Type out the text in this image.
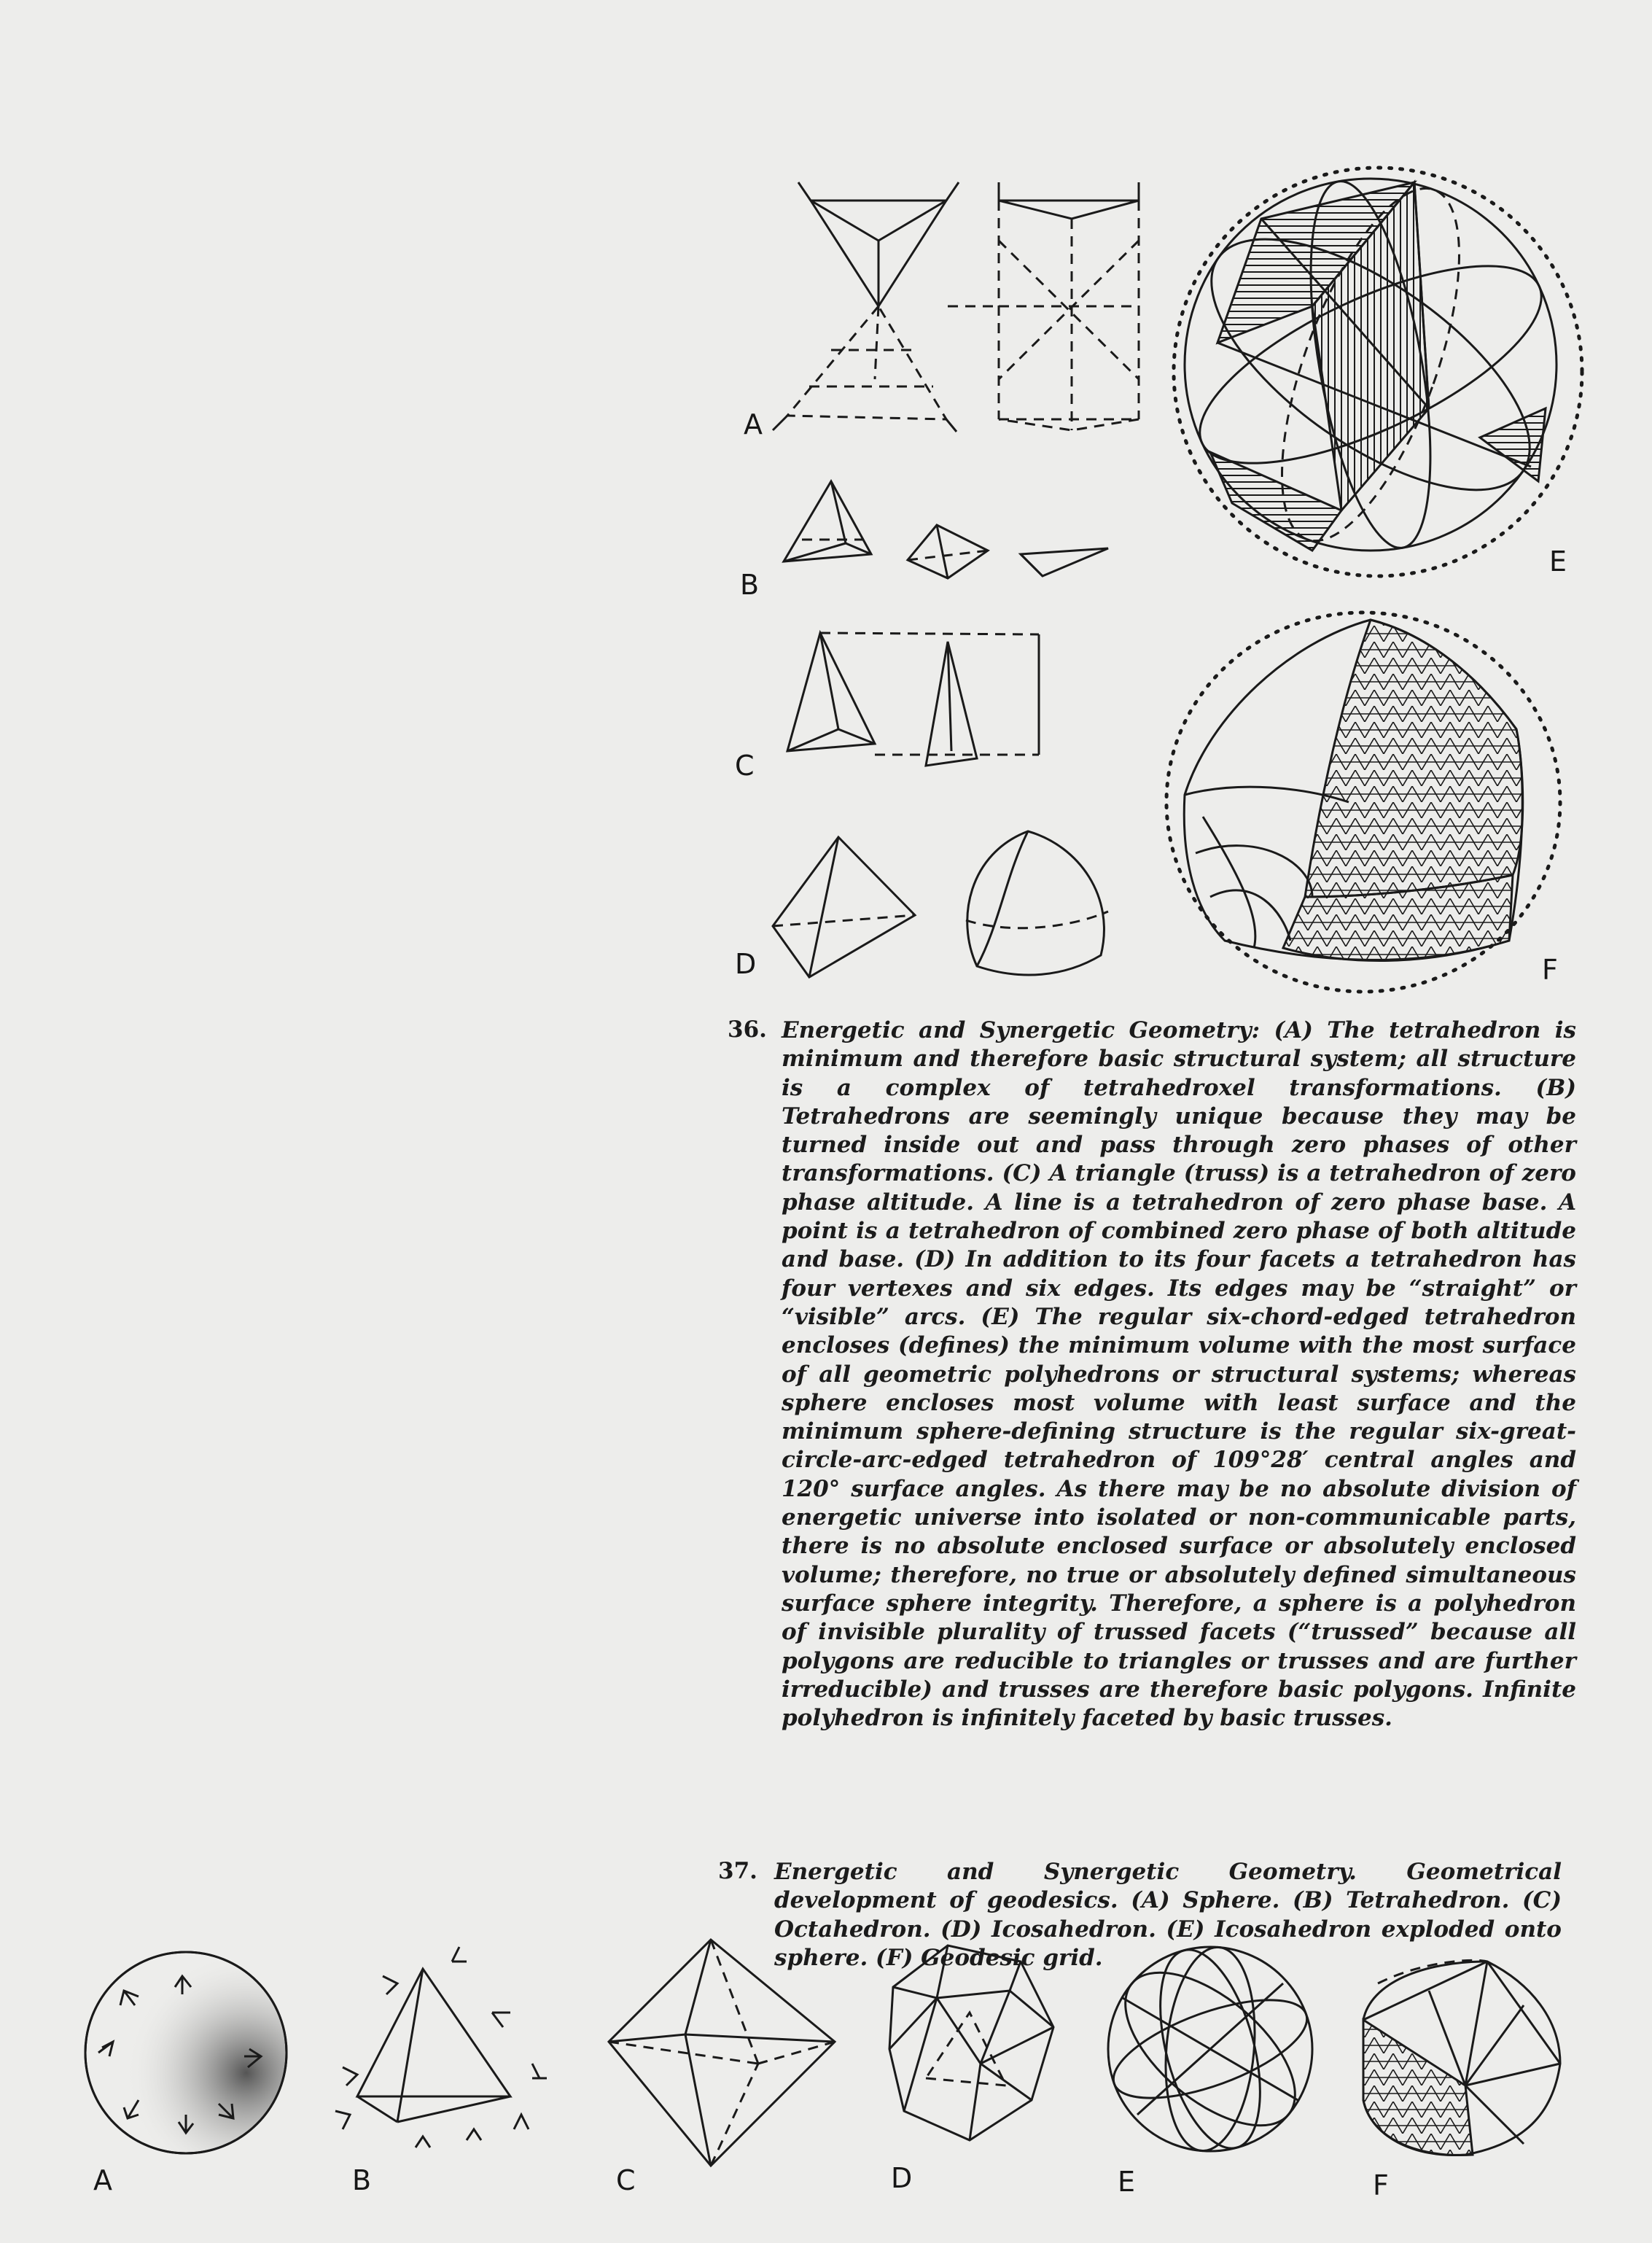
A
B
C
D
E
F
36. Energetic and Synergetic Geometry: (A) The tetrahedron is minimum and therefore basic structural system; all structure is a complex of tetrahedroxel transformations. (B) Tetrahedrons are seemingly unique because they may be turned inside out and pass through zero phases of other transformations. (C) A triangle (truss) is a tetrahedron of zero phase altitude. A line is a tetrahedron of zero phase base. A point is a tetrahedron of combined zero phase of both altitude and base. (D) In addition to its four facets a tetrahedron has four vertexes and six edges. Its edges may be “straight” or “visible” arcs. (E) The regular six-chord-edged tetrahedron encloses (defines) the minimum volume with the most surface of all geometric polyhedrons or structural systems; whereas sphere encloses most volume with least surface and the minimum sphere-defining structure is the regular six-great-circle-arc-edged tetrahedron of 109°28′ central angles and 120° surface angles. As there may be no absolute division of energetic universe into isolated or non-communicable parts, there is no absolute enclosed surface or absolutely enclosed volume; therefore, no true or absolutely defined simultaneous surface sphere integrity. Therefore, a sphere is a polyhedron of invisible plurality of trussed facets (“trussed” because all polygons are reducible to triangles or trusses and are further irreducible) and trusses are therefore basic polygons. Infinite polyhedron is infinitely faceted by basic trusses.
37. Energetic and Synergetic Geometry. Geometrical development of geodesics. (A) Sphere. (B) Tetrahedron. (C) Octahedron. (D) Icosahedron. (E) Icosahedron exploded onto sphere. (F) Geodesic grid.
A	B	C	D	E	F
